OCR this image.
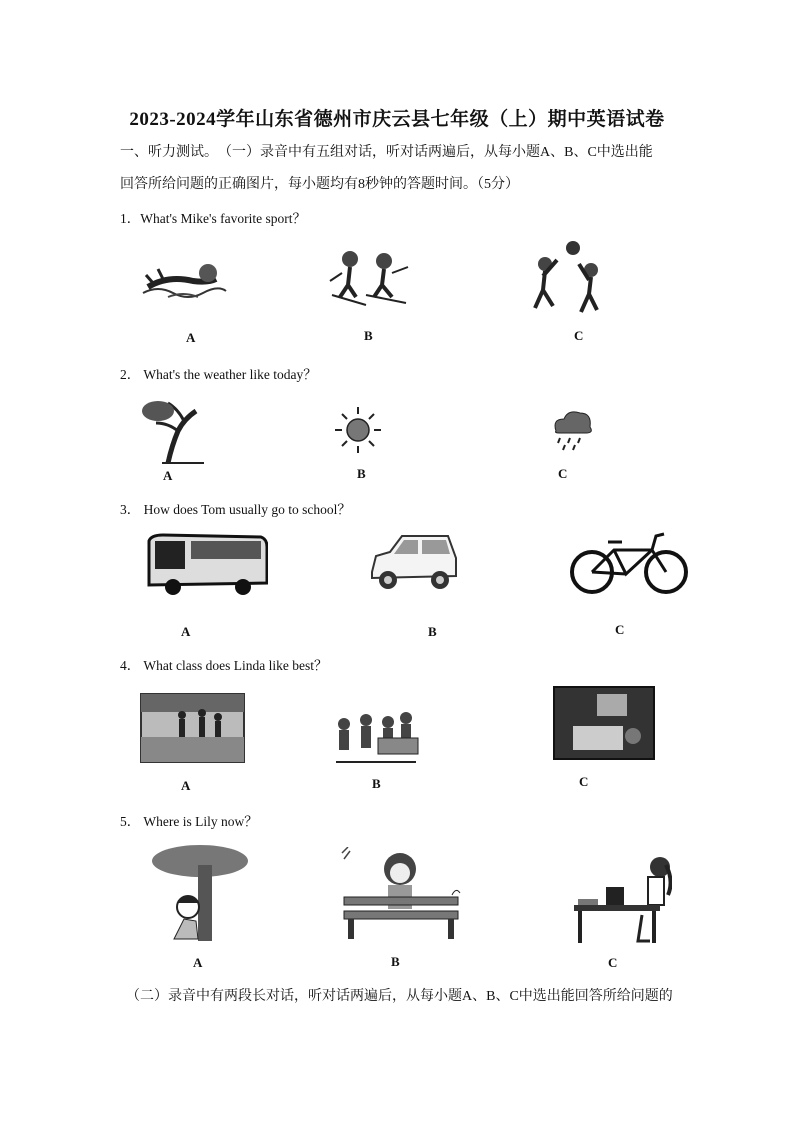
2023-2024学年山东省德州市庆云县七年级（上）期中英语试卷
一、听力测试。　（一）录音中有五组对话，听对话两遍后，从每小题A、B、C中选出能
回答所给问题的正确图片，每小题均有8秒钟的答题时间。（5分）
1．What's Mike's favorite sport？
A	B	C
2． What's the weather like today？
A	B	C
3． How does Tom usually go to school？
A	B	C
4． What class does Linda like best？
A	B	C
5． Where is Lily now？
A	B	C
（二）录音中有两段长对话，听对话两遍后，从每小题A、B、C中选出能回答所给问题的
